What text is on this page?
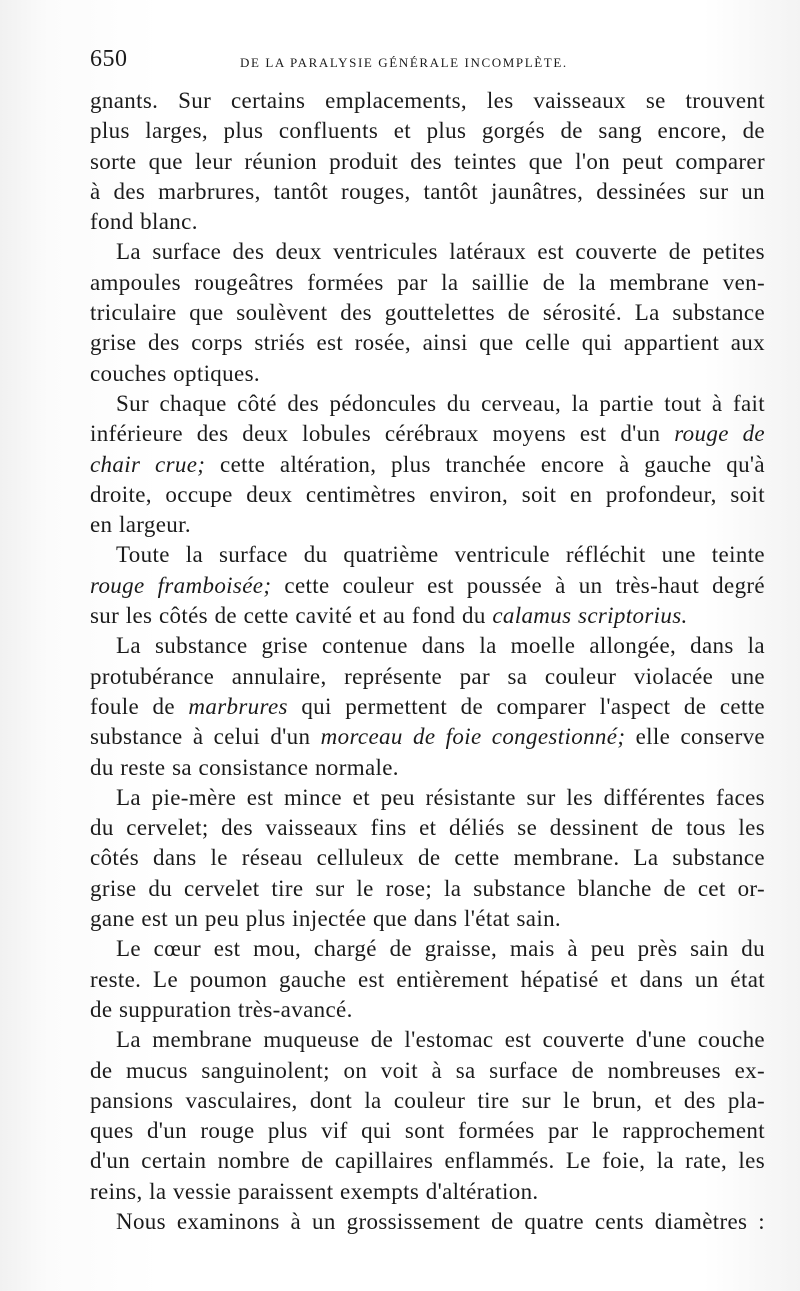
650	DE LA PARALYSIE GÉNÉRALE INCOMPLÈTE.
gnants. Sur certains emplacements, les vaisseaux se trouvent
plus larges, plus confluents et plus gorgés de sang encore, de
sorte que leur réunion produit des teintes que l'on peut comparer
à des marbrures, tantôt rouges, tantôt jaunâtres, dessinées sur un
fond blanc.
La surface des deux ventricules latéraux est couverte de petites
ampoules rougeâtres formées par la saillie de la membrane ven-
triculaire que soulèvent des gouttelettes de sérosité. La substance
grise des corps striés est rosée, ainsi que celle qui appartient aux
couches optiques.
Sur chaque côté des pédoncules du cerveau, la partie tout à fait
inférieure des deux lobules cérébraux moyens est d'un rouge de
chair crue; cette altération, plus tranchée encore à gauche qu'à
droite, occupe deux centimètres environ, soit en profondeur, soit
en largeur.
Toute la surface du quatrième ventricule réfléchit une teinte
rouge framboisée; cette couleur est poussée à un très-haut degré
sur les côtés de cette cavité et au fond du calamus scriptorius.
La substance grise contenue dans la moelle allongée, dans la
protubérance annulaire, représente par sa couleur violacée une
foule de marbrures qui permettent de comparer l'aspect de cette
substance à celui d'un morceau de foie congestionné; elle conserve
du reste sa consistance normale.
La pie-mère est mince et peu résistante sur les différentes faces
du cervelet; des vaisseaux fins et déliés se dessinent de tous les
côtés dans le réseau celluleux de cette membrane. La substance
grise du cervelet tire sur le rose; la substance blanche de cet or-
gane est un peu plus injectée que dans l'état sain.
Le cœur est mou, chargé de graisse, mais à peu près sain du
reste. Le poumon gauche est entièrement hépatisé et dans un état
de suppuration très-avancé.
La membrane muqueuse de l'estomac est couverte d'une couche
de mucus sanguinolent; on voit à sa surface de nombreuses ex-
pansions vasculaires, dont la couleur tire sur le brun, et des pla-
ques d'un rouge plus vif qui sont formées par le rapprochement
d'un certain nombre de capillaires enflammés. Le foie, la rate, les
reins, la vessie paraissent exempts d'altération.
Nous examinons à un grossissement de quatre cents diamètres :
